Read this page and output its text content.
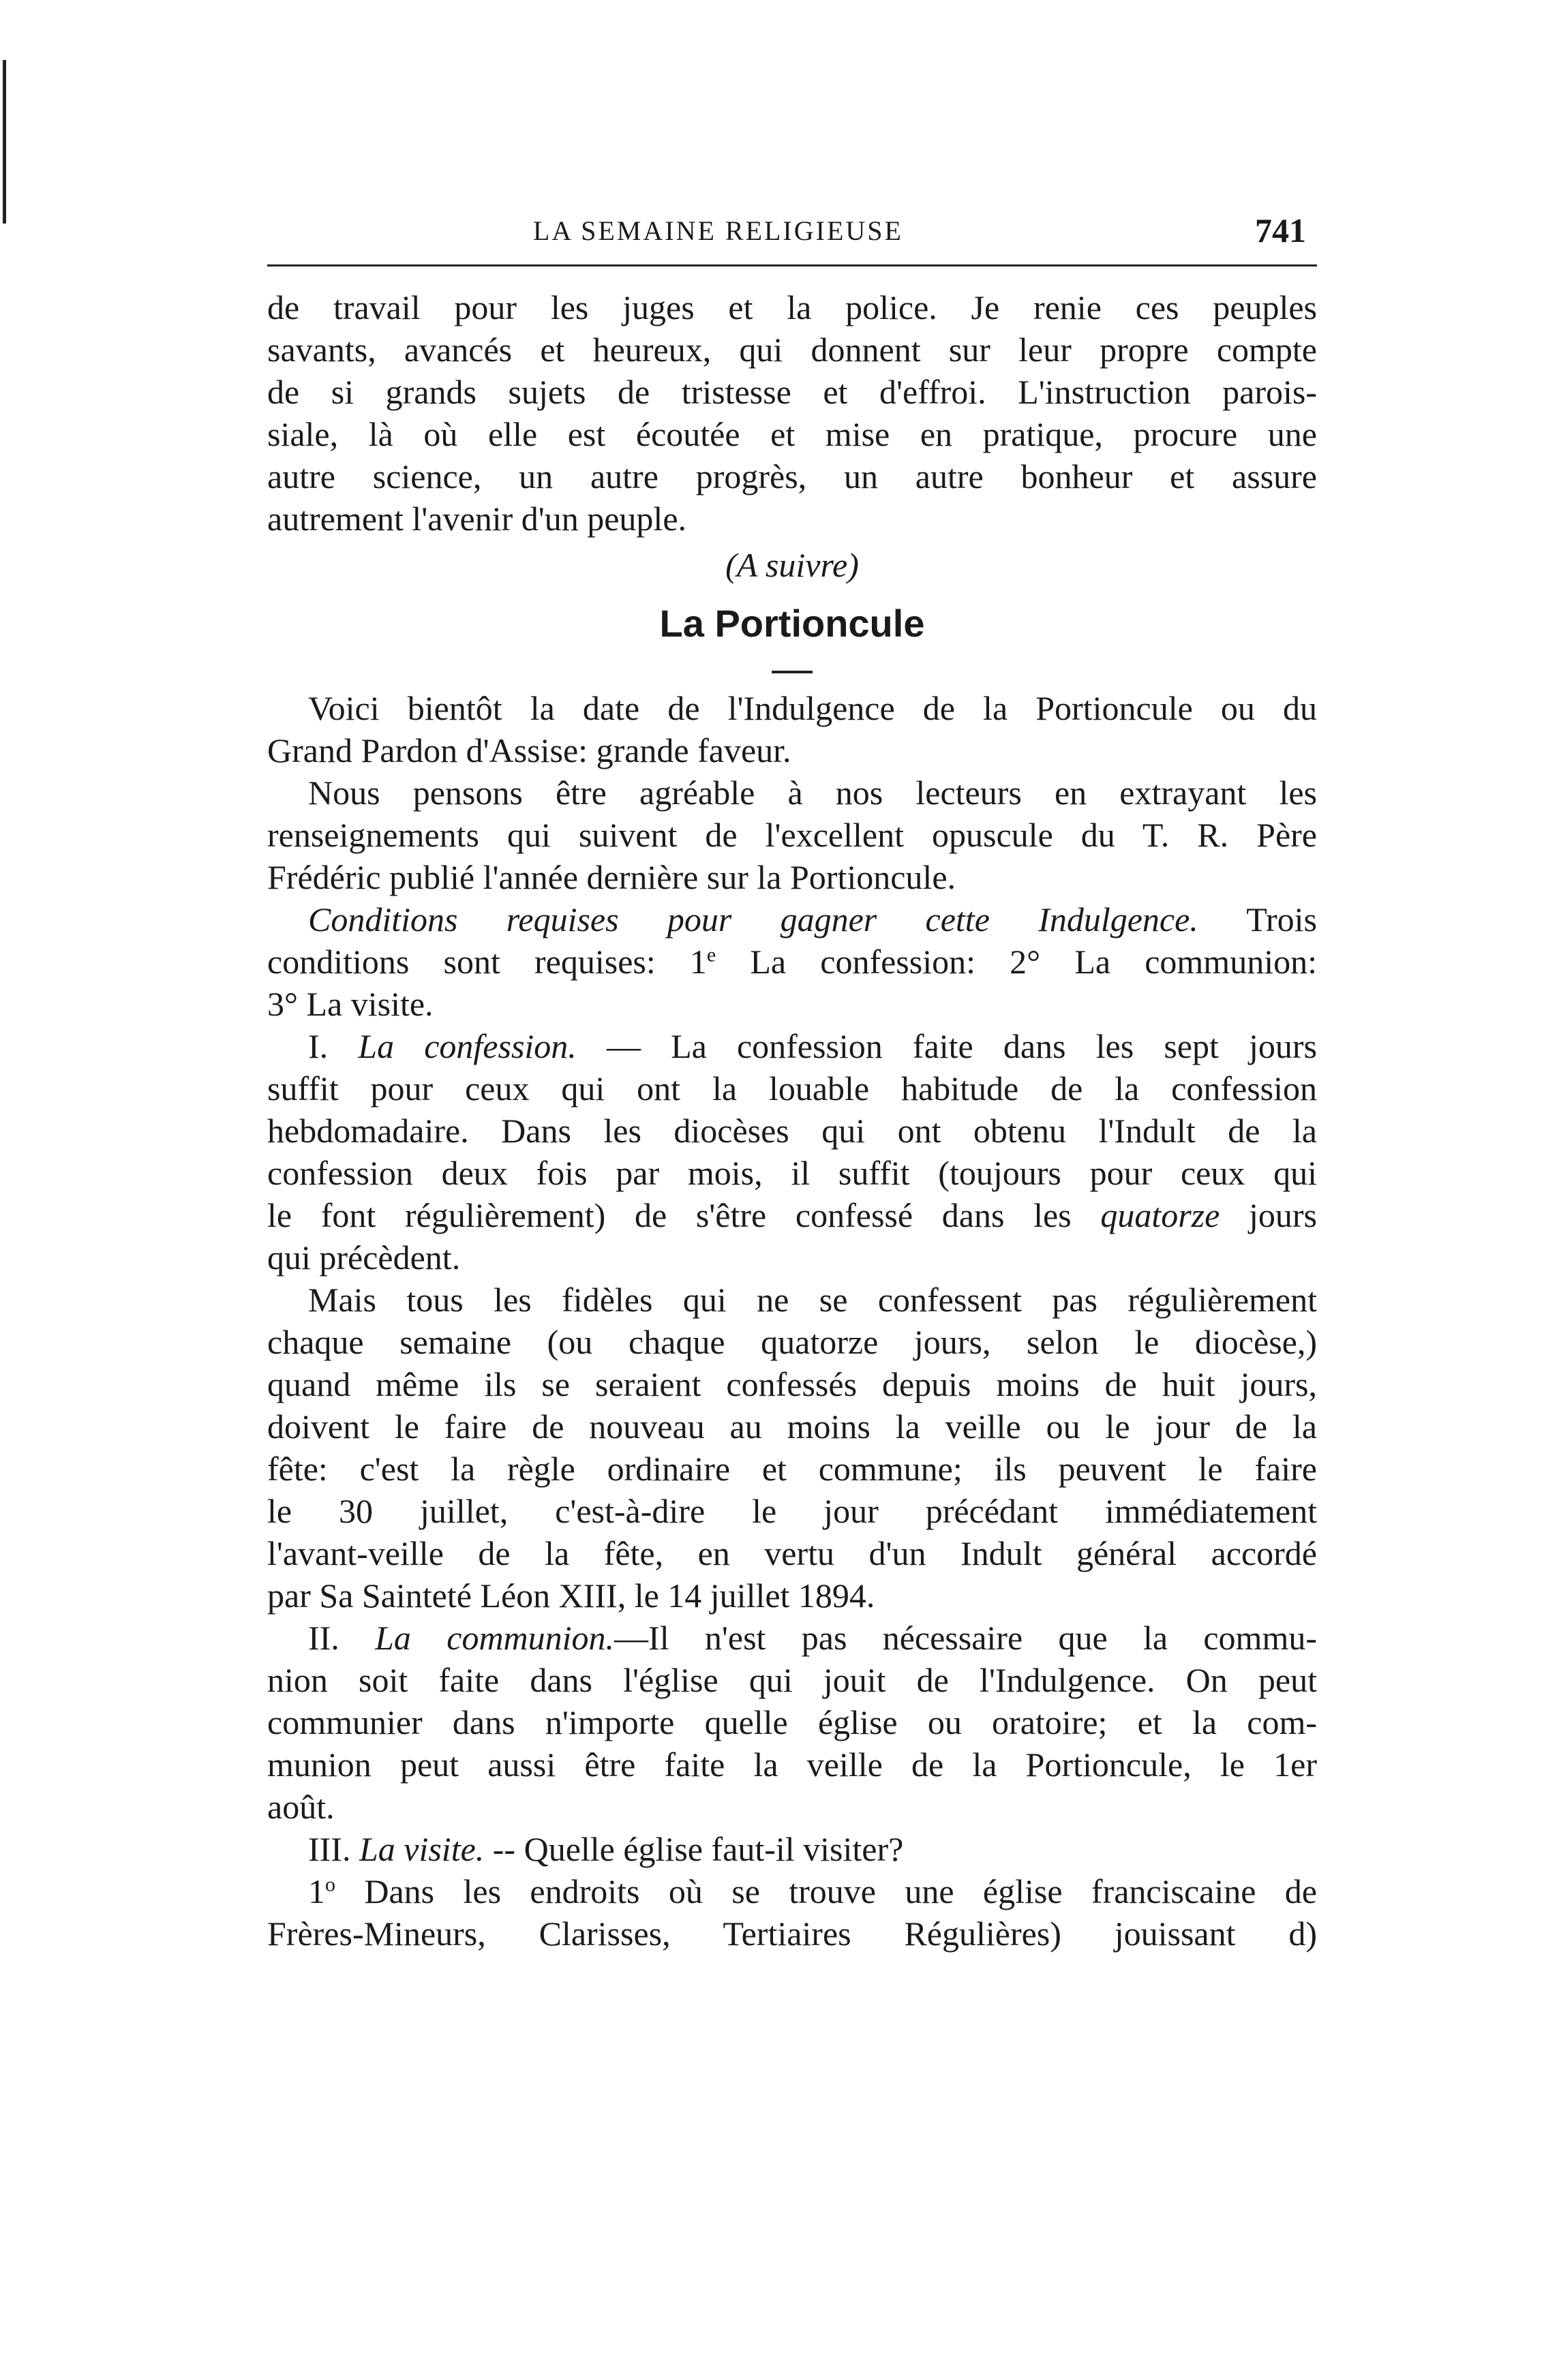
LA SEMAINE RELIGIEUSE	741
de travail pour les juges et la police. Je renie ces peuples
savants, avancés et heureux, qui donnent sur leur propre compte
de si grands sujets de tristesse et d'effroi. L'instruction parois-
siale, là où elle est écoutée et mise en pratique, procure une
autre science, un autre progrès, un autre bonheur et assure
autrement l'avenir d'un peuple.
(A suivre)
La Portioncule
Voici bientôt la date de l'Indulgence de la Portioncule ou du
Grand Pardon d'Assise: grande faveur.
Nous pensons être agréable à nos lecteurs en extrayant les
renseignements qui suivent de l'excellent opuscule du T. R. Père
Frédéric publié l'année dernière sur la Portioncule.
Conditions requises pour gagner cette Indulgence. Trois
conditions sont requises: 1e La confession: 2° La communion:
3° La visite.
I. La confession. — La confession faite dans les sept jours
suffit pour ceux qui ont la louable habitude de la confession
hebdomadaire. Dans les diocèses qui ont obtenu l'Indult de la
confession deux fois par mois, il suffit (toujours pour ceux qui
le font régulièrement) de s'être confessé dans les quatorze jours
qui précèdent.
Mais tous les fidèles qui ne se confessent pas régulièrement
chaque semaine (ou chaque quatorze jours, selon le diocèse,)
quand même ils se seraient confessés depuis moins de huit jours,
doivent le faire de nouveau au moins la veille ou le jour de la
fête: c'est la règle ordinaire et commune; ils peuvent le faire
le 30 juillet, c'est-à-dire le jour précédant immédiatement
l'avant-veille de la fête, en vertu d'un Indult général accordé
par Sa Sainteté Léon XIII, le 14 juillet 1894.
II. La communion.—Il n'est pas nécessaire que la commu-
nion soit faite dans l'église qui jouit de l'Indulgence. On peut
communier dans n'importe quelle église ou oratoire; et la com-
munion peut aussi être faite la veille de la Portioncule, le 1er
août.
III. La visite. -- Quelle église faut-il visiter?
1$^o$ Dans les endroits où se trouve une église franciscaine de
Frères-Mineurs, Clarisses, Tertiaires Régulières) jouissant d)
